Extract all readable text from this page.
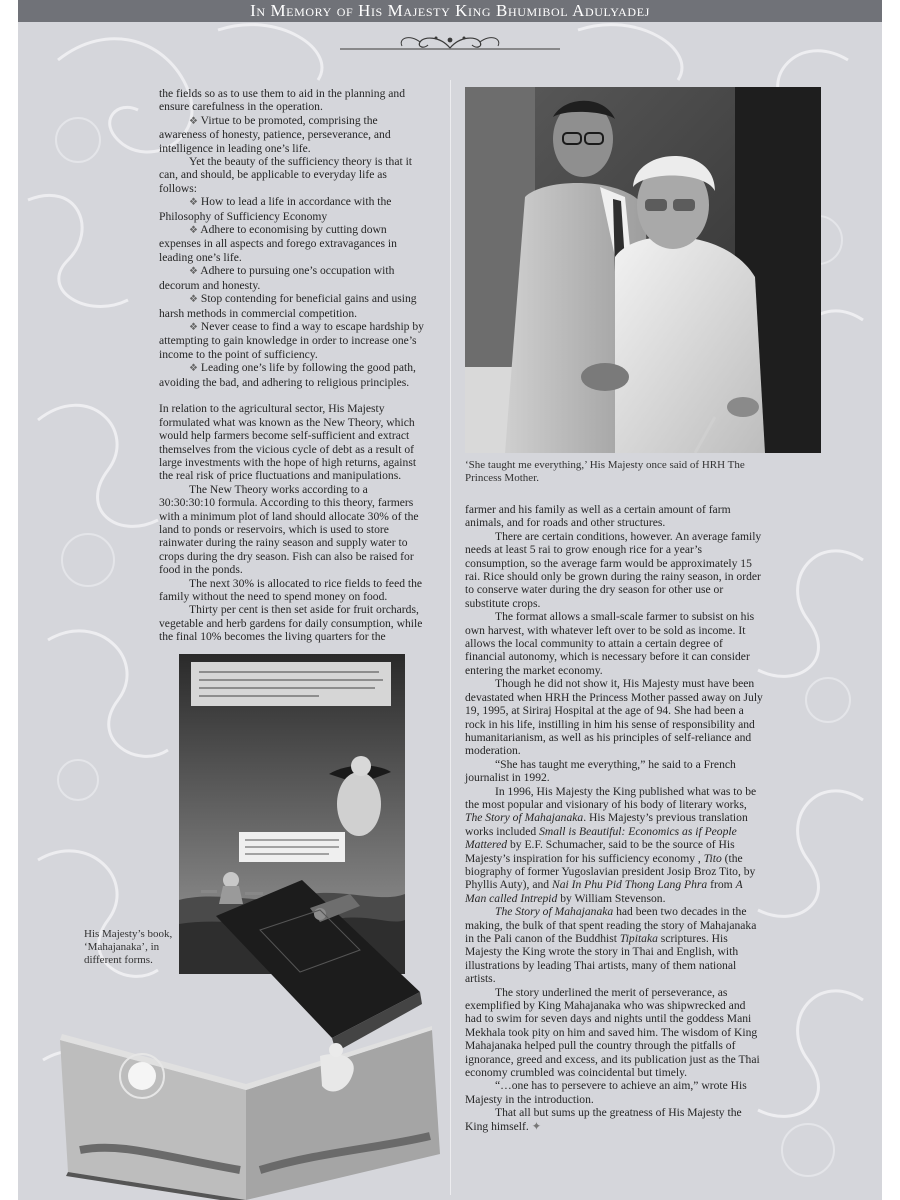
In Memory of His Majesty King Bhumibol Adulyadej

the fields so as to use them to aid in the planning and ensure carefulness in the operation.

❖ Virtue to be promoted, comprising the awareness of honesty, patience, perseverance, and intelligence in leading one’s life.

Yet the beauty of the sufficiency theory is that it can, and should, be applicable to everyday life as follows:

❖ How to lead a life in accordance with the Philosophy of Sufficiency Economy

❖ Adhere to economising by cutting down expenses in all aspects and forego extravagances in leading one’s life.

❖ Adhere to pursuing one’s occupation with decorum and honesty.

❖ Stop contending for beneficial gains and using harsh methods in commercial competition.

❖ Never cease to find a way to escape hardship by attempting to gain knowledge in order to increase one’s income to the point of sufficiency.

❖ Leading one’s life by following the good path, avoiding the bad, and adhering to religious principles.

In relation to the agricultural sector, His Majesty formulated what was known as the New Theory, which would help farmers become self-sufficient and extract themselves from the vicious cycle of debt as a result of large investments with the hope of high returns, against the real risk of price fluctuations and manipulations.

The New Theory works according to a 30:30:30:10 formula. According to this theory, farmers with a minimum plot of land should allocate 30% of the land to ponds or reservoirs, which is used to store rainwater during the rainy season and supply water to crops during the dry season. Fish can also be raised for food in the ponds.

The next 30% is allocated to rice fields to feed the family without the need to spend money on food.

Thirty per cent is then set aside for fruit orchards, vegetable and herb gardens for daily consumption, while the final 10% becomes the living quarters for the

‘She taught me everything,’ His Majesty once said of HRH The Princess Mother.

farmer and his family as well as a certain amount of farm animals, and for roads and other structures.

There are certain conditions, however. An average family needs at least 5 rai to grow enough rice for a year’s consumption, so the average farm would be approximately 15 rai. Rice should only be grown during the rainy season, in order to conserve water during the dry season for other use or substitute crops.

The format allows a small-scale farmer to subsist on his own harvest, with whatever left over to be sold as income. It allows the local community to attain a certain degree of financial autonomy, which is necessary before it can consider entering the market economy.

Though he did not show it, His Majesty must have been devastated when HRH the Princess Mother passed away on July 19, 1995, at Siriraj Hospital at the age of 94. She had been a rock in his life, instilling in him his sense of responsibility and humanitarianism, as well as his principles of self-reliance and moderation.

“She has taught me everything,” he said to a French journalist in 1992.

In 1996, His Majesty the King published what was to be the most popular and visionary of his body of literary works, The Story of Mahajanaka. His Majesty’s previous translation works included Small is Beautiful: Economics as if People Mattered by E.F. Schumacher, said to be the source of His Majesty’s inspiration for his sufficiency economy , Tito (the biography of former Yugoslavian president Josip Broz Tito, by Phyllis Auty), and Nai In Phu Pid Thong Lang Phra from A Man called Intrepid by William Stevenson.

The Story of Mahajanaka had been two decades in the making, the bulk of that spent reading the story of Mahajanaka in the Pali canon of the Buddhist Tipitaka scriptures. His Majesty the King wrote the story in Thai and English, with illustrations by leading Thai artists, many of them national artists.

The story underlined the merit of perseverance, as exemplified by King Mahajanaka who was shipwrecked and had to swim for seven days and nights until the goddess Mani Mekhala took pity on him and saved him. The wisdom of King Mahajanaka helped pull the country through the pitfalls of ignorance, greed and excess, and its publication just as the Thai economy crumbled was coincidental but timely.

“…one has to persevere to achieve an aim,” wrote His Majesty in the introduction.

That all but sums up the greatness of His Majesty the King himself. ✦

His Majesty’s book, ‘Mahajanaka’, in different forms.
